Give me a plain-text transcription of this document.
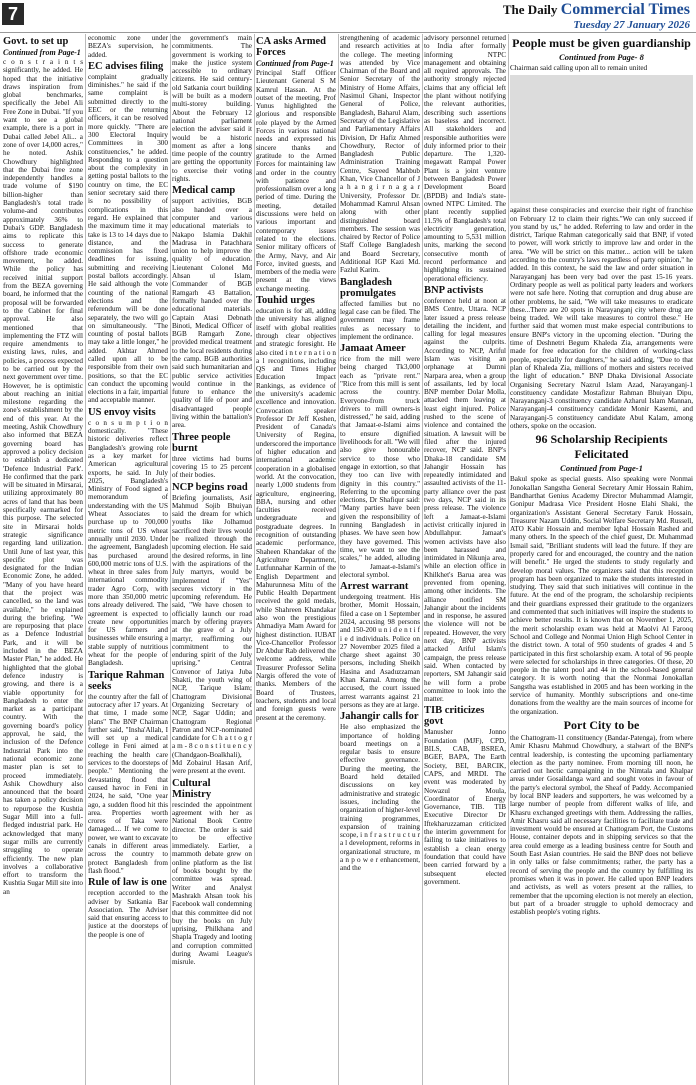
7	The Daily Commercial Times
Tuesday 27 January 2026
Govt. to set up
Continued from Page-1

c o n s t r a i n t s significantly, he added. He hoped that the initiative draws inspiration from global benchmarks, specifically the Jebel Ali Free Zone in Dubai. "If you want to see a global example, there is a port in Dubai called Jebel Ali... a zone of over 14,000 acres," he noted. Ashik Chowdhury highlighted that the Dubai free zone independently handles a trade volume of $190 billion-higher than Bangladesh's total trade volume-and contributes approximately 36% to Dubai's GDP. Bangladesh aims to replicate this success to generate offshore trade economic movement, he added. While the policy has received initial support from the BEZA governing board, he informed that the proposal will be forwarded to the Cabinet for final approval. He also mentioned that implementing the FTZ will require amendments to existing laws, rules, and policies, a process expected to be carried out by the next government over time. However, he is optimistic about reaching an initial milestone regarding the zone's establishment by the end of this year. At the meeting, Ashik Chowdhury also informed that BEZA governing board has approved a policy decision to establish a dedicated 'Defence Industrial Park'. He confirmed that the park will be situated in Mirsarai, utilizing approximately 80 acres of land that has been specifically earmarked for this purpose. The selected site in Mirsarai holds strategic significance regarding land utilization. Until June of last year, this specific plot was designated for the Indian Economic Zone, he added. "Many of you have heard that the project was cancelled, so the land was available," he explained during the briefing. "We are repurposing that place as a Defence Industrial Park, and it will be included in the BEZA Master Plan," he added. He highlighted that the global defence industry is growing, and there is a viable opportunity for Bangladesh to enter the market as a participant country. With the governing board's policy approval, he said, the inclusion of the Defence Industrial Park into the national economic zone master plan is set to proceed immediately. Ashik Chowdhury also announced that the board has taken a policy decision to repurpose the Kushtia Sugar Mill into a full-fledged industrial park. He acknowledged that many sugar mills are currently struggling to operate efficiently. The new plan involves a collaborative effort to transform the Kushtia Sugar Mill site into an

economic zone under BEZA's supervision, he added.

EC advises filing

complaint gradually diminishes." he said if the same complaint is submitted directly to the EEC or the returning officers, it can be resolved more quickly. "There are 300 Electoral Inquiry Committees in 300 constituencies," he added. Responding to a question about the complexity in getting postal ballots to the country on time, the EC senior secretary said there is no possibility of complications in this regard. He explained that the maximum time it may take is 13 to 14 days due to distance, and the commission has fixed deadlines for issuing, submitting and receiving postal ballots accordingly. He said although the vote counting of the national elections and the referendum will be done separately, the two will go on simultaneously. "The counting of postal ballots may take a little longer," he added. Akhtar Ahmed called upon all to be responsible from their own positions, so that the EC can conduct the upcoming elections in a fair, impartial and acceptable manner.

US envoy visits

c o n s u m p t i o n domestically. "These historic deliveries reflect Bangladesh's growing role as a key market for American agricultural exports, he said. In July 2025, Bangladesh's Ministry of Food signed a memorandum of understanding with the US Wheat Associates to purchase up to 700,000 metric tons of US wheat annually until 2030. Under the agreement, Bangladesh has purchased around 600,000 metric tons of U.S. wheat in three sales from international commodity trader Agro Corp, with more than 350,000 metric tons already delivered. The agreement is expected to create new opportunities for US farmers and businesses while ensuring a stable supply of nutritious wheat for the people of Bangladesh.

Tarique Rahman seeks

the country after the fall of autocracy after 17 years. At that time, I made some plans" The BNP Chairman further said, "Insha'Allah, I will set up a medical college in Feni aimed at reaching the health care services to the doorsteps of people." Mentioning the devastating flood that caused havoc in Feni in 2024, he said, "One year ago, a sudden flood hit this area. Properties worth crores of Taka were damaged.... If we come to power, we want to excavate canals in different areas across the country to protect Bangladesh from flash flood."

Rule of law is one

reception accorded to the adviser by Satkania Bar Association. The Adviser said that ensuring access to justice at the doorsteps of the people is one of

the government's main commitments. The government is working to make the justice system accessible to ordinary citizens. He said century-old Satkania court building will be built as a modern multi-storey building. About the February 12 national parliament election the adviser said it would be a historic moment as after a long time people of the country are getting the opportunity to exercise their voting rights.

Medical camp

support activities, BGB also handed over a computer and various educational materials to Nakapo Islamia Dakhil Madrasa in Patachhara union to help improve the quality of education. Lieutenant Colonel Md Ahsan ul Islam, Commander of BGB Ramgarh 43 Battalion, formally handed over the educational materials. Captain Atasi Debnath Binoti, Medical Officer of BGB Ramgarh Zone, provided medical treatment to the local residents during the camp. BGB authorities said such humanitarian and public service activities would continue in the future to enhance the quality of life of poor and disadvantaged people living within the battalion's area.

Three people burnt

three victims had burns covering 15 to 25 percent of their bodies.

NCP begins road

Briefing journalists, Asif Mahmud Sojib Bhuiyan said the dream for which youths like Jolhamud sacrificed their lives would be realized through the upcoming election. He said the desired reforms, in line with the aspirations of the July martyrs, would be implemented if "Yes" secures victory in the upcoming referendum. He said, "We have chosen to officially launch our road march by offering prayers at the grave of a July martyr, reaffirming our commitment to the enduring spirit of the July uprising." Central Convenor of Jatiya Juba Shakti, the youth wing of NCP, Tarique Islam; Chattogram Divisional Organizing Secretary of NCP, Sagar Uddin; and Chattogram Regional Patron and NCP-nominated candidate for C h a t t o g r a m - 8 c o n s t i t u e n c y (Chandgaon-Boalkhali), Md Zobairul Hasan Arif, were present at the event.

Cultural Ministry

rescinded the appointment agreement with her as National Book Centre director. The order is said to be effective immediately. Earlier, a mammoth debate grew on online platform as the list of books bought by the committee was spread. Writer and Analyst Mashrakh Ahsan took his Facebook wall condemning that this committee did not buy the books on July uprising, Philkhana and Shapla Tragedy and looting and corruption committed during Awami League's misrule.

CA asks Armed Forces
Continued from Page-1

Principal Staff Officer Lieutenant General S M Kamrul Hassan. At the outset of the meeting, Prof Yunus highlighted the glorious and responsible role played by the Armed Forces in various national needs and expressed his sincere thanks and gratitude to the Armed Forces for maintaining law and order in the country with patience and professionalism over a long period of time. During the meeting, detailed discussions were held on various important and contemporary issues related to the elections. Senior military officers of the Army, Navy, and Air Force, invited guests, and members of the media were present at the views exchange meeting.

Touhid urges

education is for all, adding the university has aligned itself with global realities through clear objectives and strategic foresight. He also cited i n t e r n a t i o n a l recognitions, including QS and Times Higher Education Impact Rankings, as evidence of the university's academic excellence and innovation. Convocation speaker Professor Dr Jeff Keshen, President of Canada's University of Regina, underscored the importance of higher education and international academic cooperation in a globalised world. At the convocation, nearly 1,000 students from agriculture, engineering, BBA, nursing and other faculties received undergraduate and postgraduate degrees. In recognition of outstanding academic performance, Shaheen Khandakar of the Agriculture Department, Lutfunnahar Karmin of the English Department and Mahurunnesa Mitu of the Public Health Department received the gold medals, while Shahreen Khandakar also won the prestigious Ahmadiya Mam Award for highest distinction. IUBAT Vice-Chancellor Professor Dr Abdur Rab delivered the welcome address, while Treasurer Professor Selina Nargis offered the vote of thanks. Members of the Board of Trustees, teachers, students and local and foreign guests were present at the ceremony.

strengthening of academic and research activities at the college. The meeting was attended by Vice Chairman of the Board and Senior Secretary of the Ministry of Home Affairs, Nasimul Ghani, Inspector General of Police, Bangladesh, Baharul Alam, Secretary of the Legislative and Parliamentary Affairs Division, Dr Hafiz Ahmed Chowdhury, Rector of Bangladesh Public Administration Training Centre, Sayeed Mahbub Khan, Vice Chancellor of J a h a n g i r n a g a r University, Professor Dr. Mohammad Kamrul Ahsan along with other distinguished board members. The session was chaired by Rector of Police Staff College Bangladesh and Board Secretary, Additional IGP Kazi Md. Fazlul Karim.

Bangladesh promulgates

affected families but no legal case can be filed. The government may frame rules as necessary to implement the ordinance.

Jamaat Ameer

rice from the mill were being charged Tk3,000 each as "private rent." "Rice from this mill is sent across the country. Everyone-from truck drivers to mill owners-is distressed," he said, adding that Jamaat-e-Islami aims to ensure dignified livelihoods for all. "We will also give honourable service to those who engage in extortion, so that they too can live with dignity in this country." Referring to the upcoming elections, Dr Shafiqur said: "Many parties have been given the responsibility of running Bangladesh in phases. We have seen how they have governed. This time, we want to see the scales," he added, alluding to Jamaat-e-Islami's electoral symbol.

Arrest warrant

undergoing treatment. His brother, Momit Hossain, filed a case on 1 September 2024, accusing 98 persons and 150-200 u n i d e n t i f i e d individuals. Police on 27 November 2025 filed a charge sheet against 30 persons, including Sheikh Hasina and Asaduzzaman Khan Kamal. Among the accused, the court issued arrest warrants against 21 persons as they are at large.

Jahangir calls for

He also emphasized the importance of holding board meetings on a regular basis to ensure effective governance. During the meeting, the Board held detailed discussions on key administrative and strategic issues, including the organization of higher-level training programmes, expansion of training scope, i n f r a s t r u c t u r a l development, reforms in organizational structure, m a n p o w e r enhancement, and the

advisory personnel returned to India after formally informing NTPC management and obtaining all required approvals. The authority strongly rejected claims that any official left the plant without notifying the relevant authorities, describing such assertions as baseless and incorrect. All stakeholders and responsible authorities were duly informed prior to their departure. The 1,320-megawatt Rampal Power Plant is a joint venture between Bangladesh Power Development Board (BPDB) and India's state-owned NTPC Limited. The plant recently supplied 11.5% of Bangladesh's total electricity generation, amounting to 5,531 million units, marking the second consecutive month of record performance and highlighting its sustained operational efficiency.

BNP activists

conference held at noon at BMS Centre, Uttara. NCP later issued a press release detailing the incident, and calling for legal measures against the culprits. According to NCP, Ariful Islam was visiting an orphanage at Dumni Narpara area, when a group of assailants, led by local BNP member Dolar Molla, attacked them leaving at least eight injured. Police rushed to the scene of violence and contained the situation. A lawsuit will be filed after the injured recover, NCP said. BNP's Dhaka-18 candidate SM Jahangir Hossain has repeatedly intimidated and assaulted activists of the 11-party alliance over the past two days, NCP said in its press release. The violence left a Jamaat-e-Islami activist critically injured in Abdullahpur. Jamaat's women activists have also been harassed and intimidated in Nikunja area, while an election office in Khilkhet's Barua area was prevented from opening, among other incidents. The alliance notified SM Jahangir about the incidents and in response, he assured the violence will not be repeated. However, the very next day, BNP activists attacked Ariful Islam's campaign, the press release said. When contacted by reporters, SM Jahangir said he will form a probe committee to look into the matter.

TIB criticizes govt

Manusher Jonno Foundation (MJF), CPD, BILS, CAB, BSREA, BGEF, BAPA, The Earth Society, BEI, BARCIK, CAPS, and MRDI. The event was moderated by Nowazul Moula, Coordinator of Energy Governance, TIB. TIB Executive Director Dr Iftekharuzzaman criticized the interim government for failing to take initiatives to establish a clean energy foundation that could have been carried forward by a subsequent elected government.

People must be given guardianship
Continued from Page- 8

Chairman said calling upon all to remain united

against these conspiracies and exercise their right of franchise on February 12 to claim their rights."We can only succeed if you stand by us," he added. Referring to law and order in the district, Tarique Rahman categorically said that BNP, if voted to power, will work strictly to improve law and order in the area. "We will be strict on this matter... action will be taken according to the country's laws regardless of party opinion," he added. In this context, he said the law and order situation in Narayanganj has been very bad over the past 15-16 years. Ordinary people as well as political party leaders and workers were not safe here. Noting that corruption and drug abuse are other problems, he said, "We will take measures to eradicate these...There are 20 spots in Narayanganj city where drug are being traded. We will take measures to control these." He further said that women must make especial contributions to ensure BNP's victory in the upcoming election. "During the time of Deshnetri Begum Khaleda Zia, arrangements were made for free education for the children of working-class people, especially for daughters," he said adding, "Due to that plan of Khaleda Zia, millions of mothers and sisters received the light of education." BNP Dhaka Divisional Associate Organising Secretary Nazrul Islam Azad, Narayanganj-1 constituency candidate Mostafizur Rahman Bhuiyan Dipu, Narayanganj-3 constituency candidate Azharul Islam Mannan, Narayanganj-4 constituency candidate Monir Kasemi, and Narayanganj-5 constituency candidate Abul Kalam, among others, spoke on the occasion.

96 Scholarship Recipients Felicitated
Continued from Page-1

Bakul spoke as special guests. Also speaking were Nonmai Jonokallan Sangstha General Secretary Amir Hossain Rahim, Bandharthat Genius Academy Director Muhammad Alamgir, Gonipur Madrasa Vice President Hosne Elahi Shaki, the organization's Assistant General Secretary Faruk Hossain, Treasurer Nazam Uddin, Social Welfare Secretary Md. Russell, ATO Kabir Hossain and member Iqbal Hossain Rashed and many others. In the speech of the chief guest, Dr. Muhammad Ismail said, "Brilliant students will lead the future. If they are properly cared for and encouraged, the country and the nation will benefit." He urged the students to study regularly and develop moral values. The organizers said that this reception program has been organized to make the students interested in studying. They said that such initiatives will continue in the future. At the end of the program, the scholarship recipients and their guardians expressed their gratitude to the organizers and commented that such initiatives will inspire the students to achieve better results. It is known that on November 1, 2025, the merit scholarship exam was held at Maolvi Al Farooq School and College and Nonmai Union High School Center in the district town. A total of 950 students of grades 4 and 5 participated in this first scholarship exam. A total of 96 people were selected for scholarships in three categories. Of these, 20 people in the talent pool and 44 in the school-based general category. It is worth noting that the Nonmai Jonokallan Sangstha was established in 2005 and has been working in the service of humanity. Monthly subscriptions and one-time donations from the wealthy are the main sources of income for the organization.

Port City to be

the Chattogram-11 constituency (Bandar-Patenga), from where Amir Khasru Mahmud Chowdhury, a stalwart of the BNP's central leadership, is contesting the upcoming parliamentary election as the party nominee. From morning till noon, he carried out hectic campaigning in the Nimtala and Khalpar areas under Gosaildanga ward and sought votes in favour of the party's electoral symbol, the Sheaf of Paddy. Accompanied by local BNP leaders and supporters, he was welcomed by a large number of people from different walks of life, and Khasru exchanged greetings with them. Addressing the rallies, Amir Khasru said all necessary facilities to facilitate trade and investment would be ensured at Chattogram Port, the Customs House, container depots and in shipping services so that the area could emerge as a leading business centre for South and South East Asian countries. He said the BNP does not believe in only talks or false commitments; rather, the party has a record of serving the people and the country by fulfilling its promises when it was in power. He called upon BNP leaders and activists, as well as voters present at the rallies, to remember that the upcoming election is not merely an election, but part of a broader struggle to uphold democracy and establish people's voting rights.
